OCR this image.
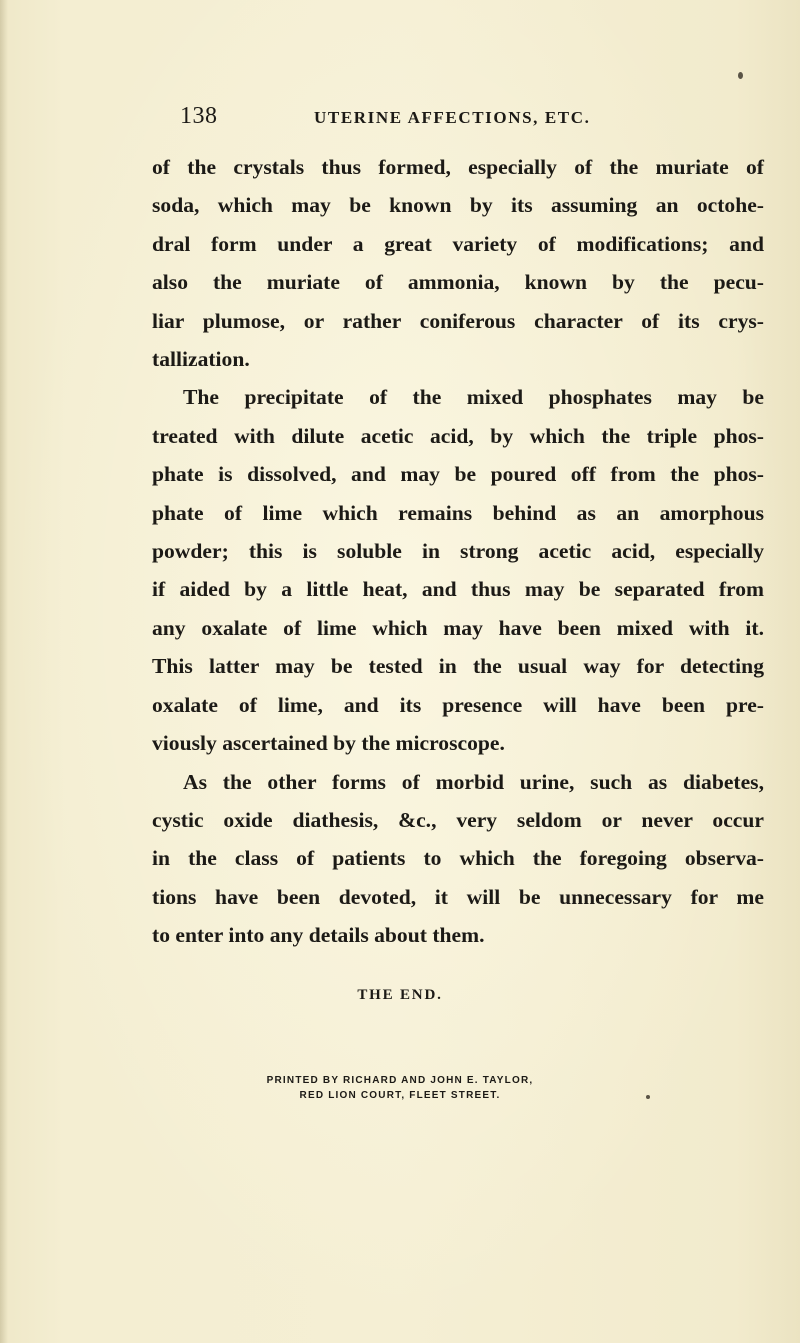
138	UTERINE AFFECTIONS, ETC.
of the crystals thus formed, especially of the muriate of
soda, which may be known by its assuming an octohe-
dral form under a great variety of modifications; and
also the muriate of ammonia, known by the pecu-
liar plumose, or rather coniferous character of its crys-
tallization.
The precipitate of the mixed phosphates may be
treated with dilute acetic acid, by which the triple phos-
phate is dissolved, and may be poured off from the phos-
phate of lime which remains behind as an amorphous
powder; this is soluble in strong acetic acid, especially
if aided by a little heat, and thus may be separated from
any oxalate of lime which may have been mixed with it.
This latter may be tested in the usual way for detecting
oxalate of lime, and its presence will have been pre-
viously ascertained by the microscope.
As the other forms of morbid urine, such as diabetes,
cystic oxide diathesis, &c., very seldom or never occur
in the class of patients to which the foregoing observa-
tions have been devoted, it will be unnecessary for me
to enter into any details about them.
THE END.
PRINTED BY RICHARD AND JOHN E. TAYLOR,
RED LION COURT, FLEET STREET.
